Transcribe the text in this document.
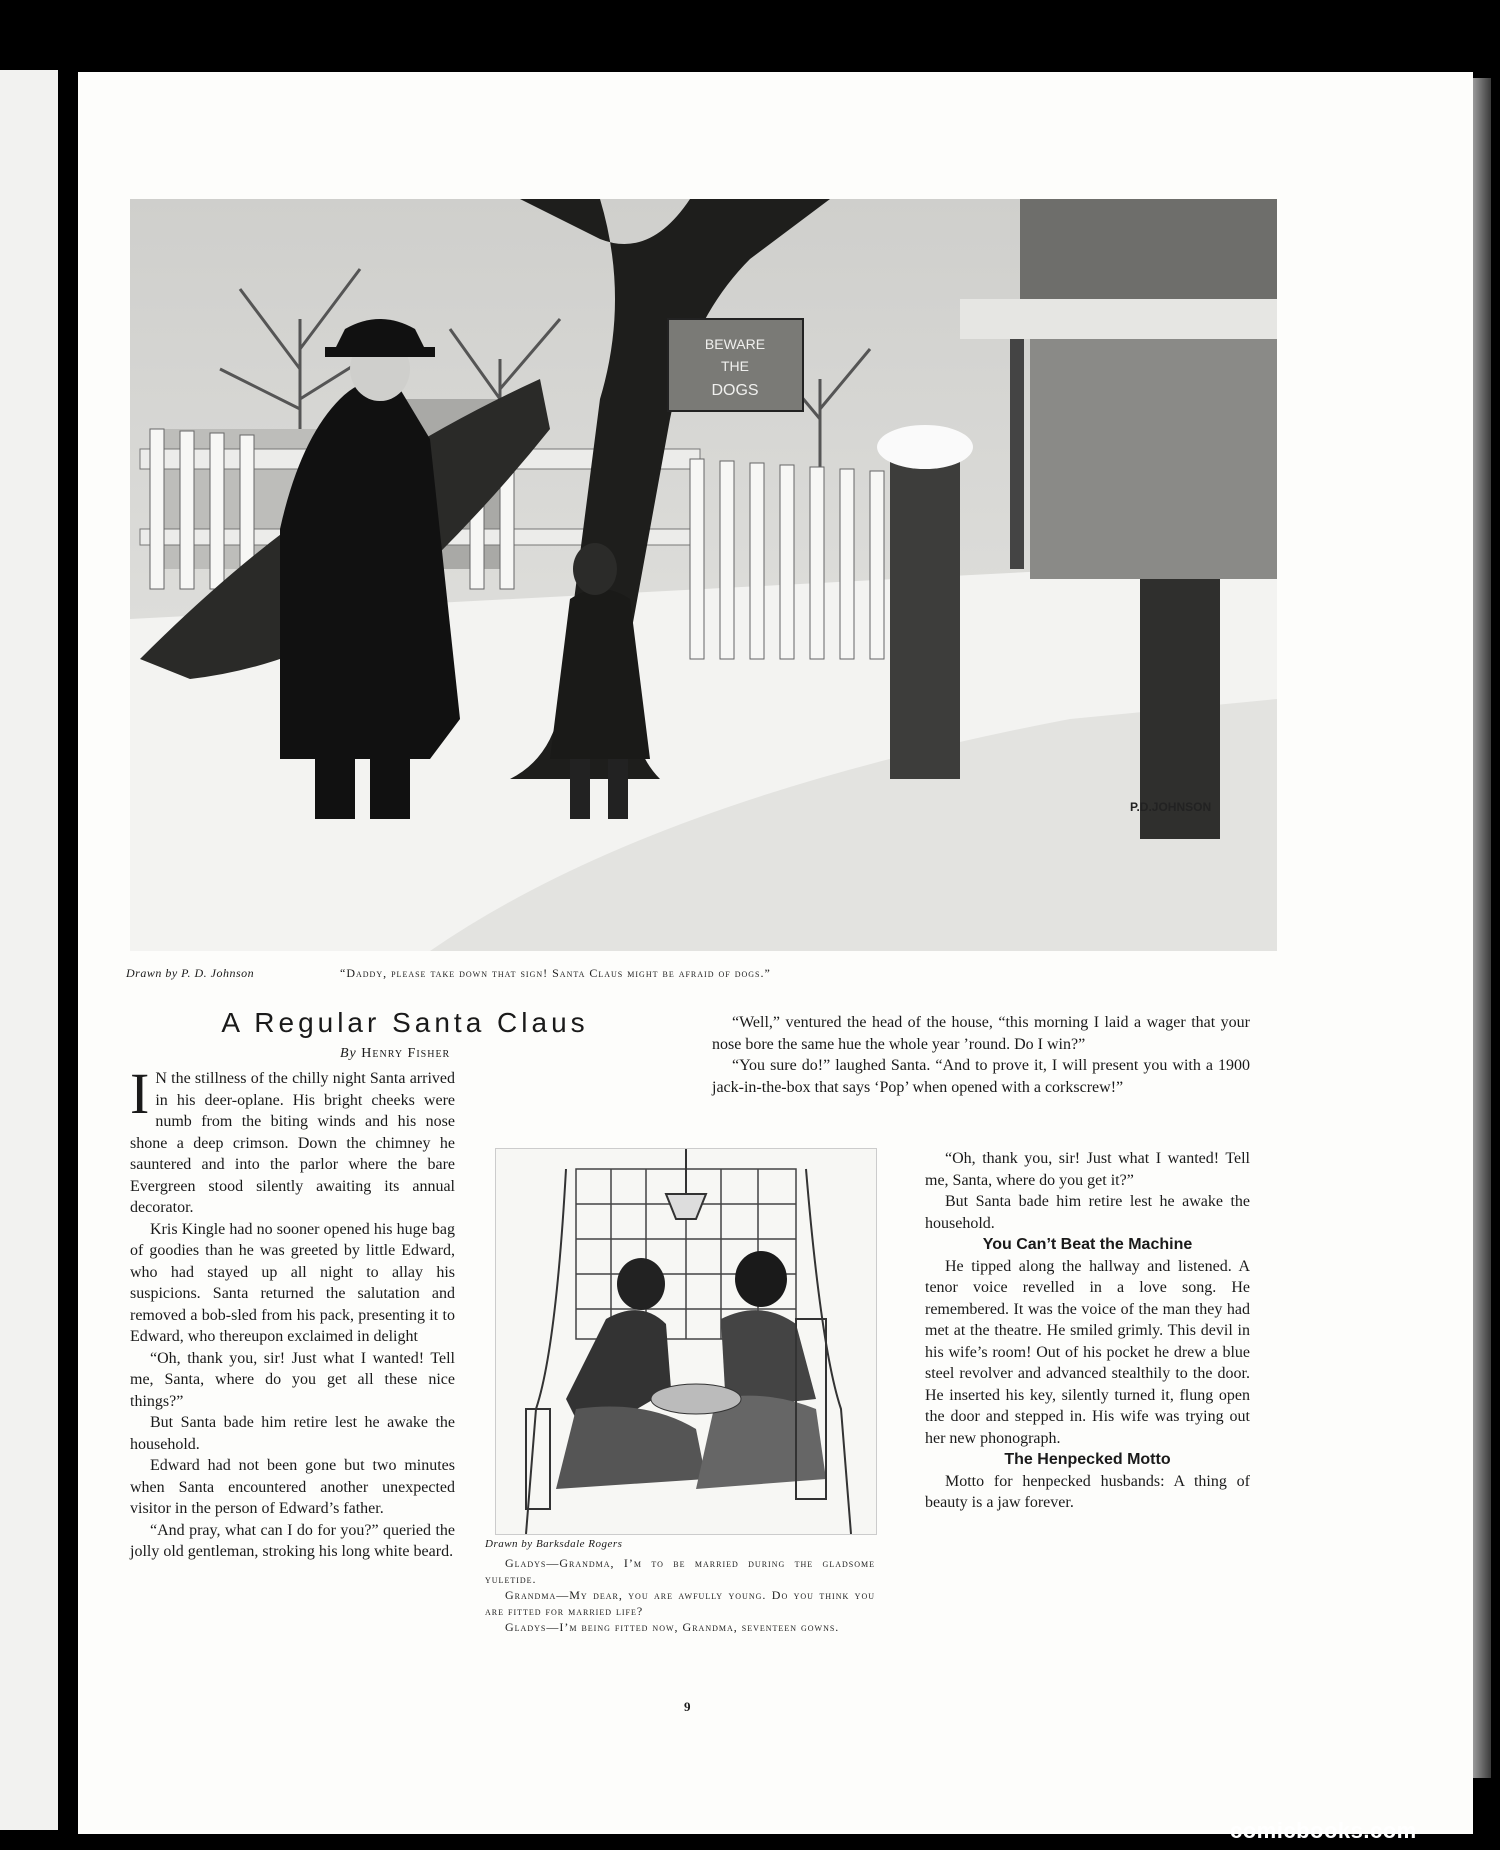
BEWARE
THE
DOGS
P.D.JOHNSON
Drawn by P. D. Johnson	“Daddy, please take down that sign! Santa Claus might be afraid of dogs.”
A Regular Santa Claus
By Henry Fisher

I N the stillness of the chilly night Santa arrived in his deer-oplane. His bright cheeks were numb from the biting winds and his nose shone a deep crimson. Down the chimney he sauntered and into the parlor where the bare Evergreen stood silently awaiting its annual decorator.

Kris Kingle had no sooner opened his huge bag of goodies than he was greeted by little Edward, who had stayed up all night to allay his suspicions. Santa returned the salutation and removed a bob-sled from his pack, presenting it to Edward, who thereupon exclaimed in delight

“Oh, thank you, sir! Just what I wanted! Tell me, Santa, where do you get all these nice things?”

But Santa bade him retire lest he awake the household.

Edward had not been gone but two minutes when Santa encountered another unexpected visitor in the person of Edward’s father.

“And pray, what can I do for you?” queried the jolly old gentleman, stroking his long white beard.

“Well,” ventured the head of the house, “this morning I laid a wager that your nose bore the same hue the whole year ’round. Do I win?”

“You sure do!” laughed Santa. “And to prove it, I will present you with a 1900 jack-in-the-box that says ‘Pop’ when opened with a corkscrew!”

“Oh, thank you, sir! Just what I wanted! Tell me, Santa, where do you get it?”

But Santa bade him retire lest he awake the household.

You Can’t Beat the Machine

He tipped along the hallway and listened. A tenor voice revelled in a love song. He remembered. It was the voice of the man they had met at the theatre. He smiled grimly. This devil in his wife’s room! Out of his pocket he drew a blue steel revolver and advanced stealthily to the door. He inserted his key, silently turned it, flung open the door and stepped in. His wife was trying out her new phonograph.

The Henpecked Motto

Motto for henpecked husbands: A thing of beauty is a jaw forever.

Drawn by Barksdale Rogers

Gladys—Grandma, I’m to be married during the gladsome yuletide.

Grandma—My dear, you are awfully young. Do you think you are fitted for married life?

Gladys—I’m being fitted now, Grandma, seventeen gowns.

9
comicbooks.com
